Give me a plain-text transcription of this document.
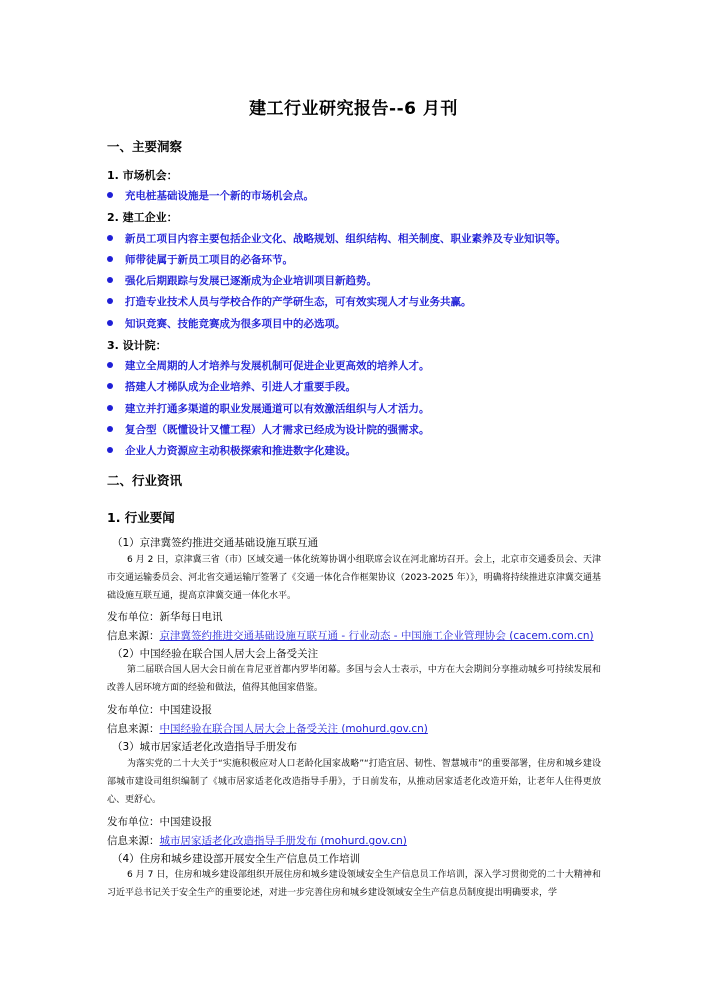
建工行业研究报告--6 月刊
一、主要洞察
1. 市场机会：
充电桩基础设施是一个新的市场机会点。
2. 建工企业：
新员工项目内容主要包括企业文化、战略规划、组织结构、相关制度、职业素养及专业知识等。
师带徒属于新员工项目的必备环节。
强化后期跟踪与发展已逐渐成为企业培训项目新趋势。
打造专业技术人员与学校合作的产学研生态，可有效实现人才与业务共赢。
知识竞赛、技能竞赛成为很多项目中的必选项。
3. 设计院：
建立全周期的人才培养与发展机制可促进企业更高效的培养人才。
搭建人才梯队成为企业培养、引进人才重要手段。
建立并打通多渠道的职业发展通道可以有效激活组织与人才活力。
复合型（既懂设计又懂工程）人才需求已经成为设计院的强需求。
企业人力资源应主动积极探索和推进数字化建设。
二、行业资讯
1. 行业要闻
（1）京津冀签约推进交通基础设施互联互通
6 月 2 日，京津冀三省（市）区域交通一体化统筹协调小组联席会议在河北廊坊召开。会上，北京市交通委员会、天津市交通运输委员会、河北省交通运输厅签署了《交通一体化合作框架协议（2023-2025 年）》，明确将持续推进京津冀交通基础设施互联互通，提高京津冀交通一体化水平。
发布单位：新华每日电讯
信息来源：京津冀签约推进交通基础设施互联互通 - 行业动态 - 中国施工企业管理协会 (cacem.com.cn)
（2）中国经验在联合国人居大会上备受关注
第二届联合国人居大会日前在肯尼亚首都内罗毕闭幕。多国与会人士表示，中方在大会期间分享推动城乡可持续发展和改善人居环境方面的经验和做法，值得其他国家借鉴。
发布单位：中国建设报
信息来源：中国经验在联合国人居大会上备受关注 (mohurd.gov.cn)
（3）城市居家适老化改造指导手册发布
为落实党的二十大关于“实施积极应对人口老龄化国家战略”“打造宜居、韧性、智慧城市”的重要部署，住房和城乡建设部城市建设司组织编制了《城市居家适老化改造指导手册》，于日前发布，从推动居家适老化改造开始，让老年人住得更放心、更舒心。
发布单位：中国建设报
信息来源：城市居家适老化改造指导手册发布 (mohurd.gov.cn)
（4）住房和城乡建设部开展安全生产信息员工作培训
6 月 7 日，住房和城乡建设部组织开展住房和城乡建设领域安全生产信息员工作培训，深入学习贯彻党的二十大精神和习近平总书记关于安全生产的重要论述，对进一步完善住房和城乡建设领域安全生产信息员制度提出明确要求，学
